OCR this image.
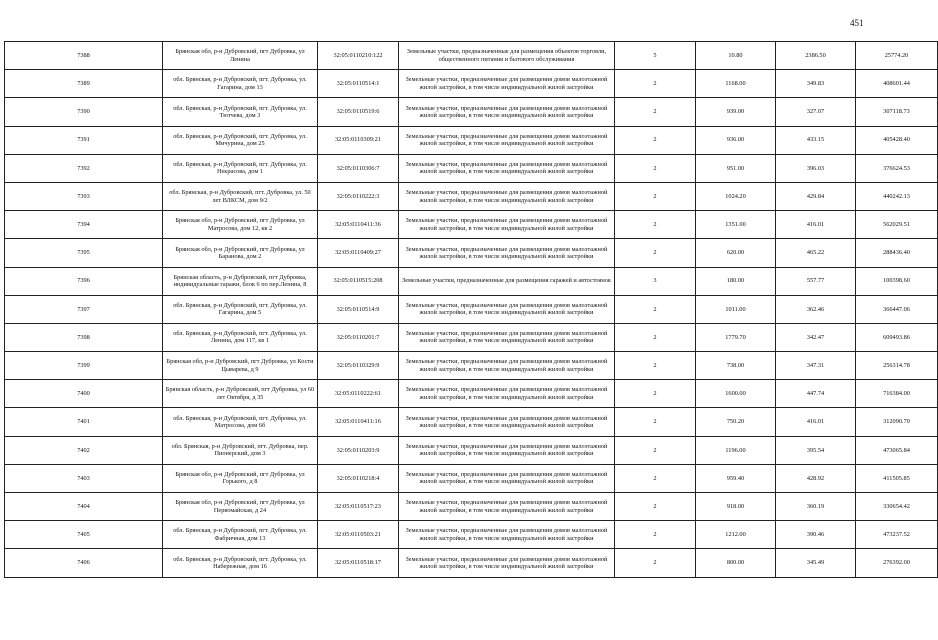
451
7388	Брянская обл, р-н Дубровский, пгт Дубровка, ул Ленина	32:05:0110210:122	Земельные участки, предназначенные для размещения объектов торговли, общественного питания и бытового обслуживания	5	10.80	2386.50	25774.20
7389	обл. Брянская, р-н Дубровский, пгт. Дубровка, ул. Гагарина, дом 13	32:05:0110514:1	Земельные участки, предназначенные для размещения домов малоэтажной жилой застройки, в том числе индивидуальной жилой застройки	2	1168.00	349.83	408601.44
7390	обл. Брянская, р-н Дубровский, пгт. Дубровка, ул. Тютчева, дом 3	32:05:0110519:6	Земельные участки, предназначенные для размещения домов малоэтажной жилой застройки, в том числе индивидуальной жилой застройки	2	939.00	327.07	307118.73
7391	обл. Брянская, р-н Дубровский, пгт. Дубровка, ул. Мичурина, дом 25	32:05:0110309:21	Земельные участки, предназначенные для размещения домов малоэтажной жилой застройки, в том числе индивидуальной жилой застройки	2	936.00	433.15	405428.40
7392	обл. Брянская, р-н Дубровский, пгт. Дубровка, ул. Некрасова, дом 1	32:05:0110306:7	Земельные участки, предназначенные для размещения домов малоэтажной жилой застройки, в том числе индивидуальной жилой застройки	2	951.00	396.03	376624.53
7393	обл. Брянская, р-н Дубровский, пгт. Дубровка, ул. 50 лет ВЛКСМ, дом 9/2	32:05:0110222:3	Земельные участки, предназначенные для размещения домов малоэтажной жилой застройки, в том числе индивидуальной жилой застройки	2	1024.20	429.84	440242.13
7394	Брянская обл, р-н Дубровский, пгт Дубровка, ул Матросова, дом 12, кв 2	32:05:0110411:36	Земельные участки, предназначенные для размещения домов малоэтажной жилой застройки, в том числе индивидуальной жилой застройки	2	1351.00	416.01	562029.51
7395	Брянская обл, р-н Дубровский, пгт Дубровка, ул Баранова, дом 2	32:05:0110409:27	Земельные участки, предназначенные для размещения домов малоэтажной жилой застройки, в том числе индивидуальной жилой застройки	2	620.00	465.22	288436.40
7396	Брянская область, р-н Дубровский, пгт Дубровка, индивидуальные гаражи, блок 6 по пер.Ленина, 8	32:05:0110515:208	Земельные участки, предназначенные для размещения гаражей и автостоянок	3	180.00	557.77	100398.60
7397	обл. Брянская, р-н Дубровский, пгт. Дубровка, ул. Гагарина, дом 5	32:05:0110514:9	Земельные участки, предназначенные для размещения домов малоэтажной жилой застройки, в том числе индивидуальной жилой застройки	2	1011.00	362.46	366447.06
7398	обл. Брянская, р-н Дубровский, пгт. Дубровка, ул. Ленина, дом 117, кв 1	32:05:0110201:7	Земельные участки, предназначенные для размещения домов малоэтажной жилой застройки, в том числе индивидуальной жилой застройки	2	1779.70	342.47	609493.86
7399	Брянская обл, р-н Дубровский, пгт Дубровка, ул Кости Цыварева, д 9	32:05:0110329:9	Земельные участки, предназначенные для размещения домов малоэтажной жилой застройки, в том числе индивидуальной жилой застройки	2	738.00	347.31	256314.78
7400	Брянская область, р-н Дубровский, пгт Дубровка, ул 60 лет Октября, д 35	32:05:0110222:61	Земельные участки, предназначенные для размещения домов малоэтажной жилой застройки, в том числе индивидуальной жилой застройки	2	1600.00	447.74	716384.00
7401	обл. Брянская, р-н Дубровский, пгт. Дубровка, ул. Матросова, дом 6б	32:05:0110411:16	Земельные участки, предназначенные для размещения домов малоэтажной жилой застройки, в том числе индивидуальной жилой застройки	2	750.20	416.01	312090.70
7402	обл. Брянская, р-н Дубровский, пгт. Дубровка, пер. Пионерский, дом 3	32:05:0110203:9	Земельные участки, предназначенные для размещения домов малоэтажной жилой застройки, в том числе индивидуальной жилой застройки	2	1196.00	395.54	473065.84
7403	Брянская обл, р-н Дубровский, пгт Дубровка, ул Горького, д 8	32:05:0110218:4	Земельные участки, предназначенные для размещения домов малоэтажной жилой застройки, в том числе индивидуальной жилой застройки	2	959.40	428.92	411505.85
7404	Брянская обл, р-н Дубровский, пгт Дубровка, ул Первомайская, д 24	32:05:0110517:23	Земельные участки, предназначенные для размещения домов малоэтажной жилой застройки, в том числе индивидуальной жилой застройки	2	918.00	360.19	330654.42
7405	обл. Брянская, р-н Дубровский, пгт. Дубровка, ул. Фабричная, дом 13	32:05:0110503:21	Земельные участки, предназначенные для размещения домов малоэтажной жилой застройки, в том числе индивидуальной жилой застройки	2	1212.00	390.46	473237.52
7406	обл. Брянская, р-н Дубровский, пгт. Дубровка, ул. Набережная, дом 16	32:05:0110518:17	Земельные участки, предназначенные для размещения домов малоэтажной жилой застройки, в том числе индивидуальной жилой застройки	2	800.00	345.49	276392.00
